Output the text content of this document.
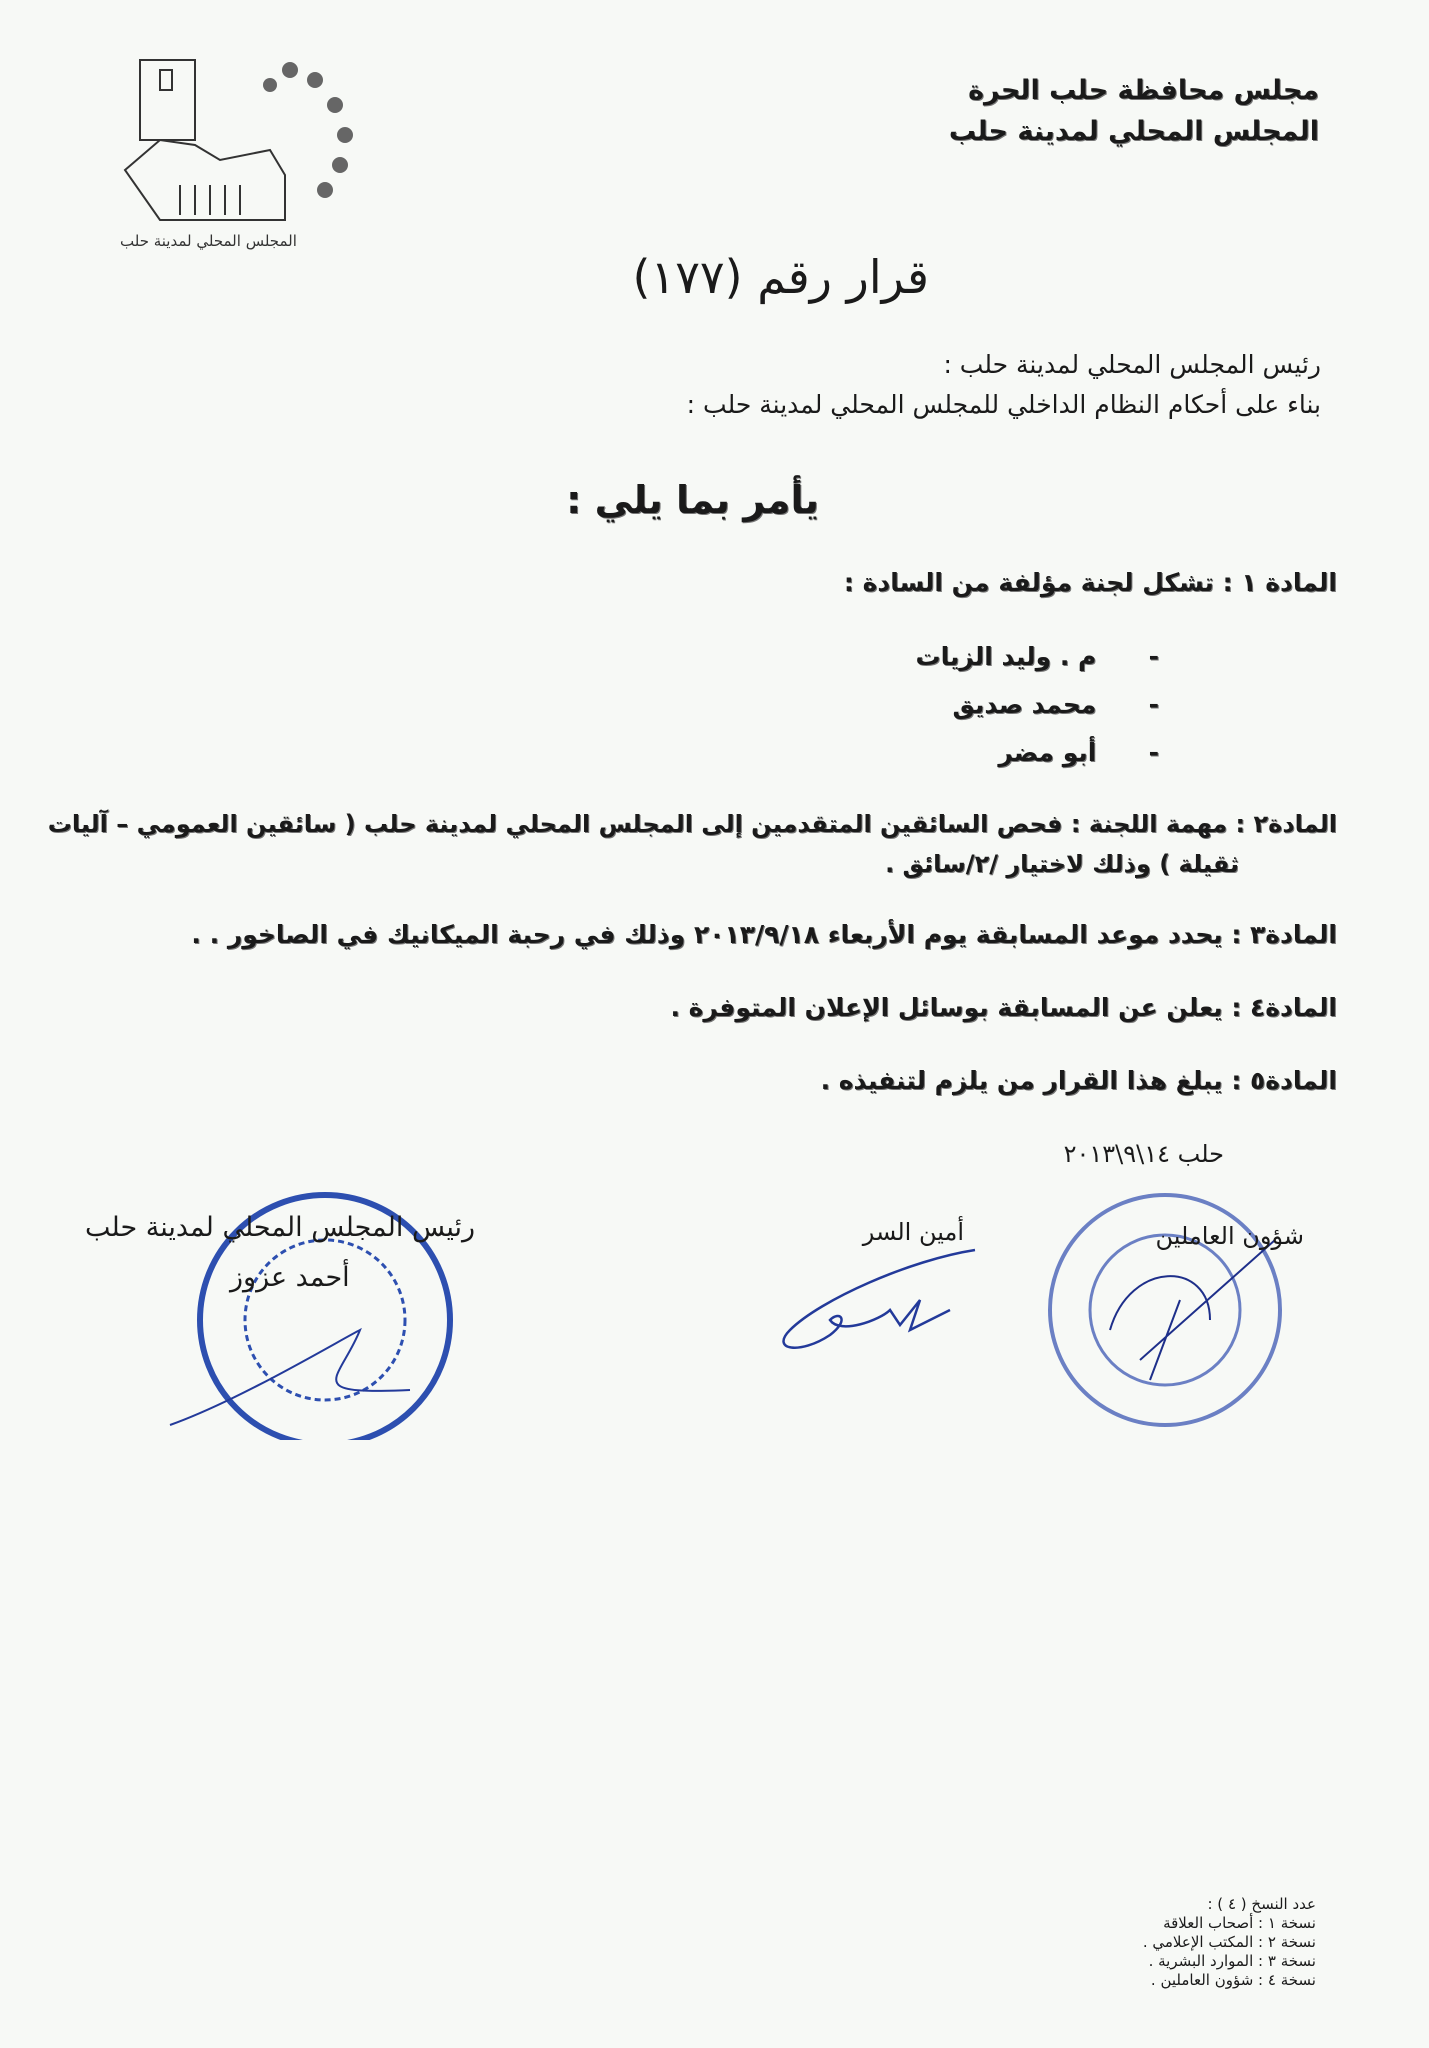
المجلس المحلي لمدينة حلب
مجلس محافظة حلب الحرة
المجلس المحلي لمدينة حلب
قرار رقم (١٧٧)
رئيس المجلس المحلي لمدينة حلب :
بناء على أحكام النظام الداخلي للمجلس المحلي لمدينة حلب :
يأمر بما يلي :
المادة ١ : تشكل لجنة مؤلفة من السادة :
-      م . وليد الزيات
-      محمد صديق
-      أبو مضر
المادة٢ : مهمة اللجنة : فحص السائقين المتقدمين إلى المجلس المحلي لمدينة حلب ( سائقين العمومي – آليات
ثقيلة ) وذلك لاختيار /٢/سائق .
المادة٣ : يحدد موعد المسابقة يوم الأربعاء ٢٠١٣/٩/١٨ وذلك في رحبة الميكانيك في الصاخور . .
المادة٤ : يعلن عن المسابقة بوسائل الإعلان المتوفرة .
المادة٥ : يبلغ هذا القرار من يلزم لتنفيذه .
حلب ١٤\٩\٢٠١٣
شؤون العاملين
أمين السر
رئيس المجلس المحلي لمدينة حلب
أحمد عزوز
عدد النسخ ( ٤ ) :
نسخة ١ : أصحاب العلاقة
نسخة ٢ : المكتب الإعلامي .
نسخة ٣ : الموارد البشرية .
نسخة ٤ : شؤون العاملين .
